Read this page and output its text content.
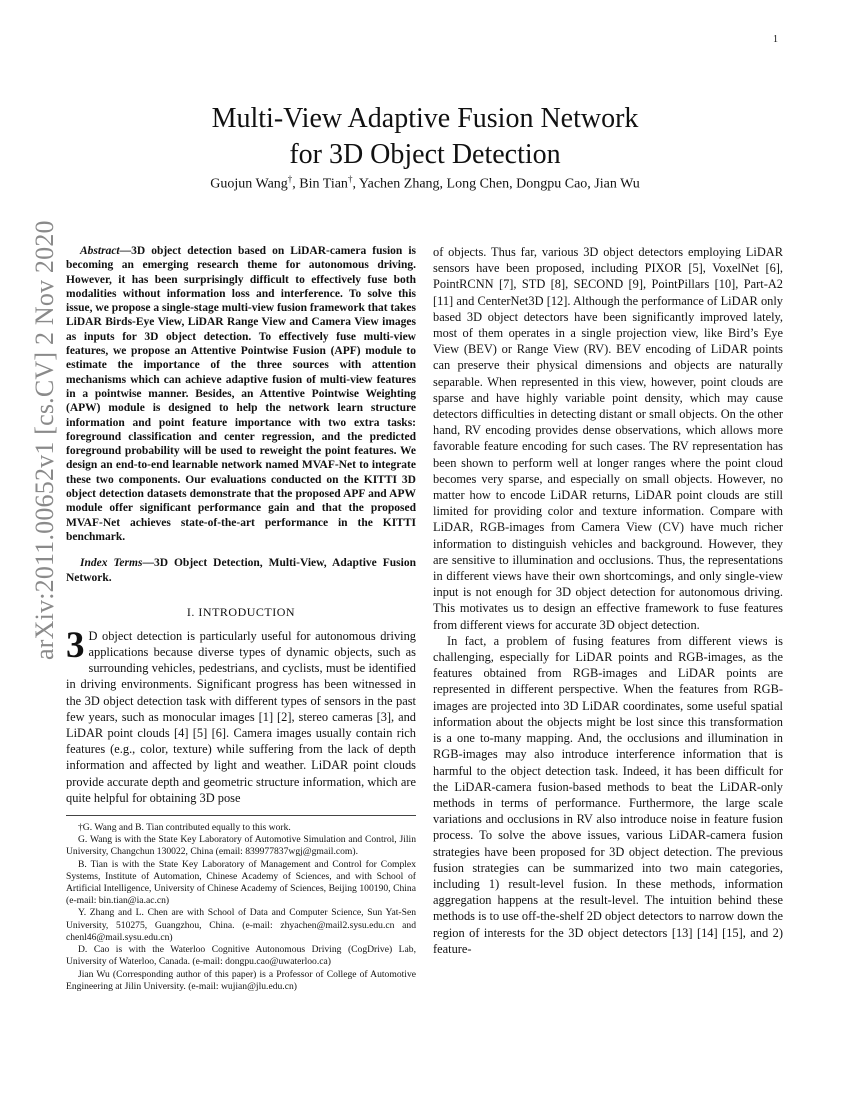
1
arXiv:2011.00652v1 [cs.CV] 2 Nov 2020
Multi-View Adaptive Fusion Network
for 3D Object Detection
Guojun Wang†, Bin Tian†, Yachen Zhang, Long Chen, Dongpu Cao, Jian Wu

Abstract—3D object detection based on LiDAR-camera fusion is becoming an emerging research theme for autonomous driving. However, it has been surprisingly difficult to effectively fuse both modalities without information loss and interference. To solve this issue, we propose a single-stage multi-view fusion framework that takes LiDAR Birds-Eye View, LiDAR Range View and Camera View images as inputs for 3D object detection. To effectively fuse multi-view features, we propose an Attentive Pointwise Fusion (APF) module to estimate the importance of the three sources with attention mechanisms which can achieve adaptive fusion of multi-view features in a pointwise manner. Besides, an Attentive Pointwise Weighting (APW) module is designed to help the network learn structure information and point feature importance with two extra tasks: foreground classification and center regression, and the predicted foreground probability will be used to reweight the point features. We design an end-to-end learnable network named MVAF-Net to integrate these two components. Our evaluations conducted on the KITTI 3D object detection datasets demonstrate that the proposed APF and APW module offer significant performance gain and that the proposed MVAF-Net achieves state-of-the-art performance in the KITTI benchmark.

Index Terms—3D Object Detection, Multi-View, Adaptive Fusion Network.

I. INTRODUCTION

3 D object detection is particularly useful for autonomous driving applications because diverse types of dynamic objects, such as surrounding vehicles, pedestrians, and cyclists, must be identified in driving environments. Significant progress has been witnessed in the 3D object detection task with different types of sensors in the past few years, such as monocular images [1] [2], stereo cameras [3], and LiDAR point clouds [4] [5] [6]. Camera images usually contain rich features (e.g., color, texture) while suffering from the lack of depth information and affected by light and weather. LiDAR point clouds provide accurate depth and geometric structure information, which are quite helpful for obtaining 3D pose

†G. Wang and B. Tian contributed equally to this work.

G. Wang is with the State Key Laboratory of Automotive Simulation and Control, Jilin University, Changchun 130022, China (email: 839977837wgj@gmail.com).

B. Tian is with the State Key Laboratory of Management and Control for Complex Systems, Institute of Automation, Chinese Academy of Sciences, and with School of Artificial Intelligence, University of Chinese Academy of Sciences, Beijing 100190, China (e-mail: bin.tian@ia.ac.cn)

Y. Zhang and L. Chen are with School of Data and Computer Science, Sun Yat-Sen University, 510275, Guangzhou, China. (e-mail: zhyachen@mail2.sysu.edu.cn and chenl46@mail.sysu.edu.cn)

D. Cao is with the Waterloo Cognitive Autonomous Driving (CogDrive) Lab, University of Waterloo, Canada. (e-mail: dongpu.cao@uwaterloo.ca)

Jian Wu (Corresponding author of this paper) is a Professor of College of Automotive Engineering at Jilin University. (e-mail: wujian@jlu.edu.cn)

of objects. Thus far, various 3D object detectors employing LiDAR sensors have been proposed, including PIXOR [5], VoxelNet [6], PointRCNN [7], STD [8], SECOND [9], PointPillars [10], Part-A2 [11] and CenterNet3D [12]. Although the performance of LiDAR only based 3D object detectors have been significantly improved lately, most of them operates in a single projection view, like Bird’s Eye View (BEV) or Range View (RV). BEV encoding of LiDAR points can preserve their physical dimensions and objects are naturally separable. When represented in this view, however, point clouds are sparse and have highly variable point density, which may cause detectors difficulties in detecting distant or small objects. On the other hand, RV encoding provides dense observations, which allows more favorable feature encoding for such cases. The RV representation has been shown to perform well at longer ranges where the point cloud becomes very sparse, and especially on small objects. However, no matter how to encode LiDAR returns, LiDAR point clouds are still limited for providing color and texture information. Compare with LiDAR, RGB-images from Camera View (CV) have much richer information to distinguish vehicles and background. However, they are sensitive to illumination and occlusions. Thus, the representations in different views have their own shortcomings, and only single-view input is not enough for 3D object detection for autonomous driving. This motivates us to design an effective framework to fuse features from different views for accurate 3D object detection.

In fact, a problem of fusing features from different views is challenging, especially for LiDAR points and RGB-images, as the features obtained from RGB-images and LiDAR points are represented in different perspective. When the features from RGB-images are projected into 3D LiDAR coordinates, some useful spatial information about the objects might be lost since this transformation is a one to-many mapping. And, the occlusions and illumination in RGB-images may also introduce interference information that is harmful to the object detection task. Indeed, it has been difficult for the LiDAR-camera fusion-based methods to beat the LiDAR-only methods in terms of performance. Furthermore, the large scale variations and occlusions in RV also introduce noise in feature fusion process. To solve the above issues, various LiDAR-camera fusion strategies have been proposed for 3D object detection. The previous fusion strategies can be summarized into two main categories, including 1) result-level fusion. In these methods, information aggregation happens at the result-level. The intuition behind these methods is to use off-the-shelf 2D object detectors to narrow down the region of interests for the 3D object detectors [13] [14] [15], and 2) feature-
